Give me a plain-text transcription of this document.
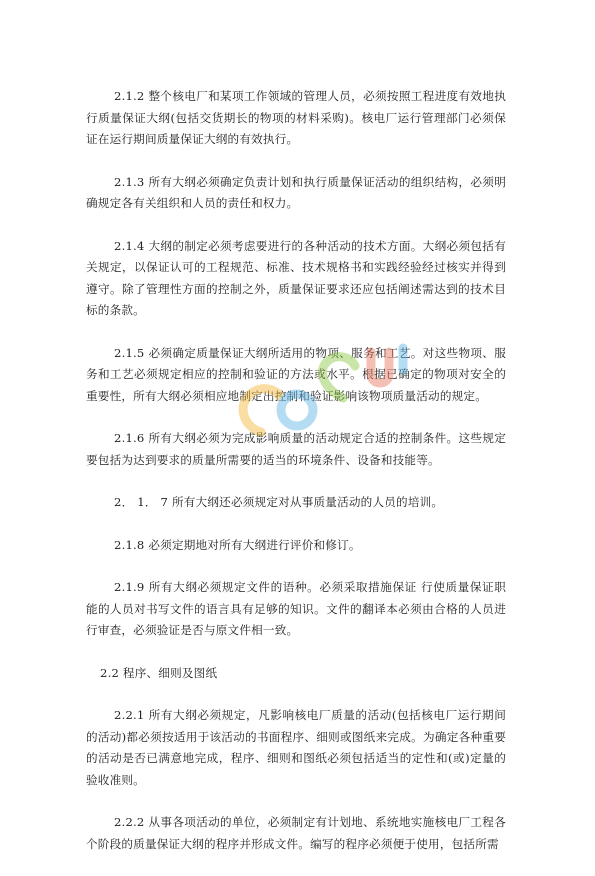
2.1.2 整个核电厂和某项工作领域的管理人员，必须按照工程进度有效地执行质量保证大纲(包括交货期长的物项的材料采购)。核电厂运行管理部门必须保证在运行期间质量保证大纲的有效执行。

2.1.3 所有大纲必须确定负责计划和执行质量保证活动的组织结构，必须明确规定各有关组织和人员的责任和权力。

2.1.4 大纲的制定必须考虑要进行的各种活动的技术方面。大纲必须包括有关规定，以保证认可的工程规范、标准、技术规格书和实践经验经过核实并得到遵守。除了管理性方面的控制之外，质量保证要求还应包括阐述需达到的技术目标的条款。

2.1.5 必须确定质量保证大纲所适用的物项、服务和工艺。对这些物项、服务和工艺必须规定相应的控制和验证的方法或水平。根据已确定的物项对安全的重要性，所有大纲必须相应地制定出控制和验证影响该物项质量活动的规定。

2.1.6 所有大纲必须为完成影响质量的活动规定合适的控制条件。这些规定要包括为达到要求的质量所需要的适当的环境条件、设备和技能等。

2． 1． 7 所有大纲还必须规定对从事质量活动的人员的培训。

2.1.8 必须定期地对所有大纲进行评价和修订。

2.1.9 所有大纲必须规定文件的语种。必须采取措施保证 行使质量保证职能的人员对书写文件的语言具有足够的知识。文件的翻译本必须由合格的人员进行审查，必须验证是否与原文件相一致。

2.2 程序、细则及图纸

2.2.1 所有大纲必须规定，凡影响核电厂质量的活动(包括核电厂运行期间的活动)都必须按适用于该活动的书面程序、细则或图纸来完成。为确定各种重要的活动是否已满意地完成，程序、细则和图纸必须包括适当的定性和(或)定量的验收准则。

2.2.2 从事各项活动的单位，必须制定有计划地、系统地实施核电厂工程各个阶段的质量保证大纲的程序并形成文件。编写的程序必须便于使用，包括所需
